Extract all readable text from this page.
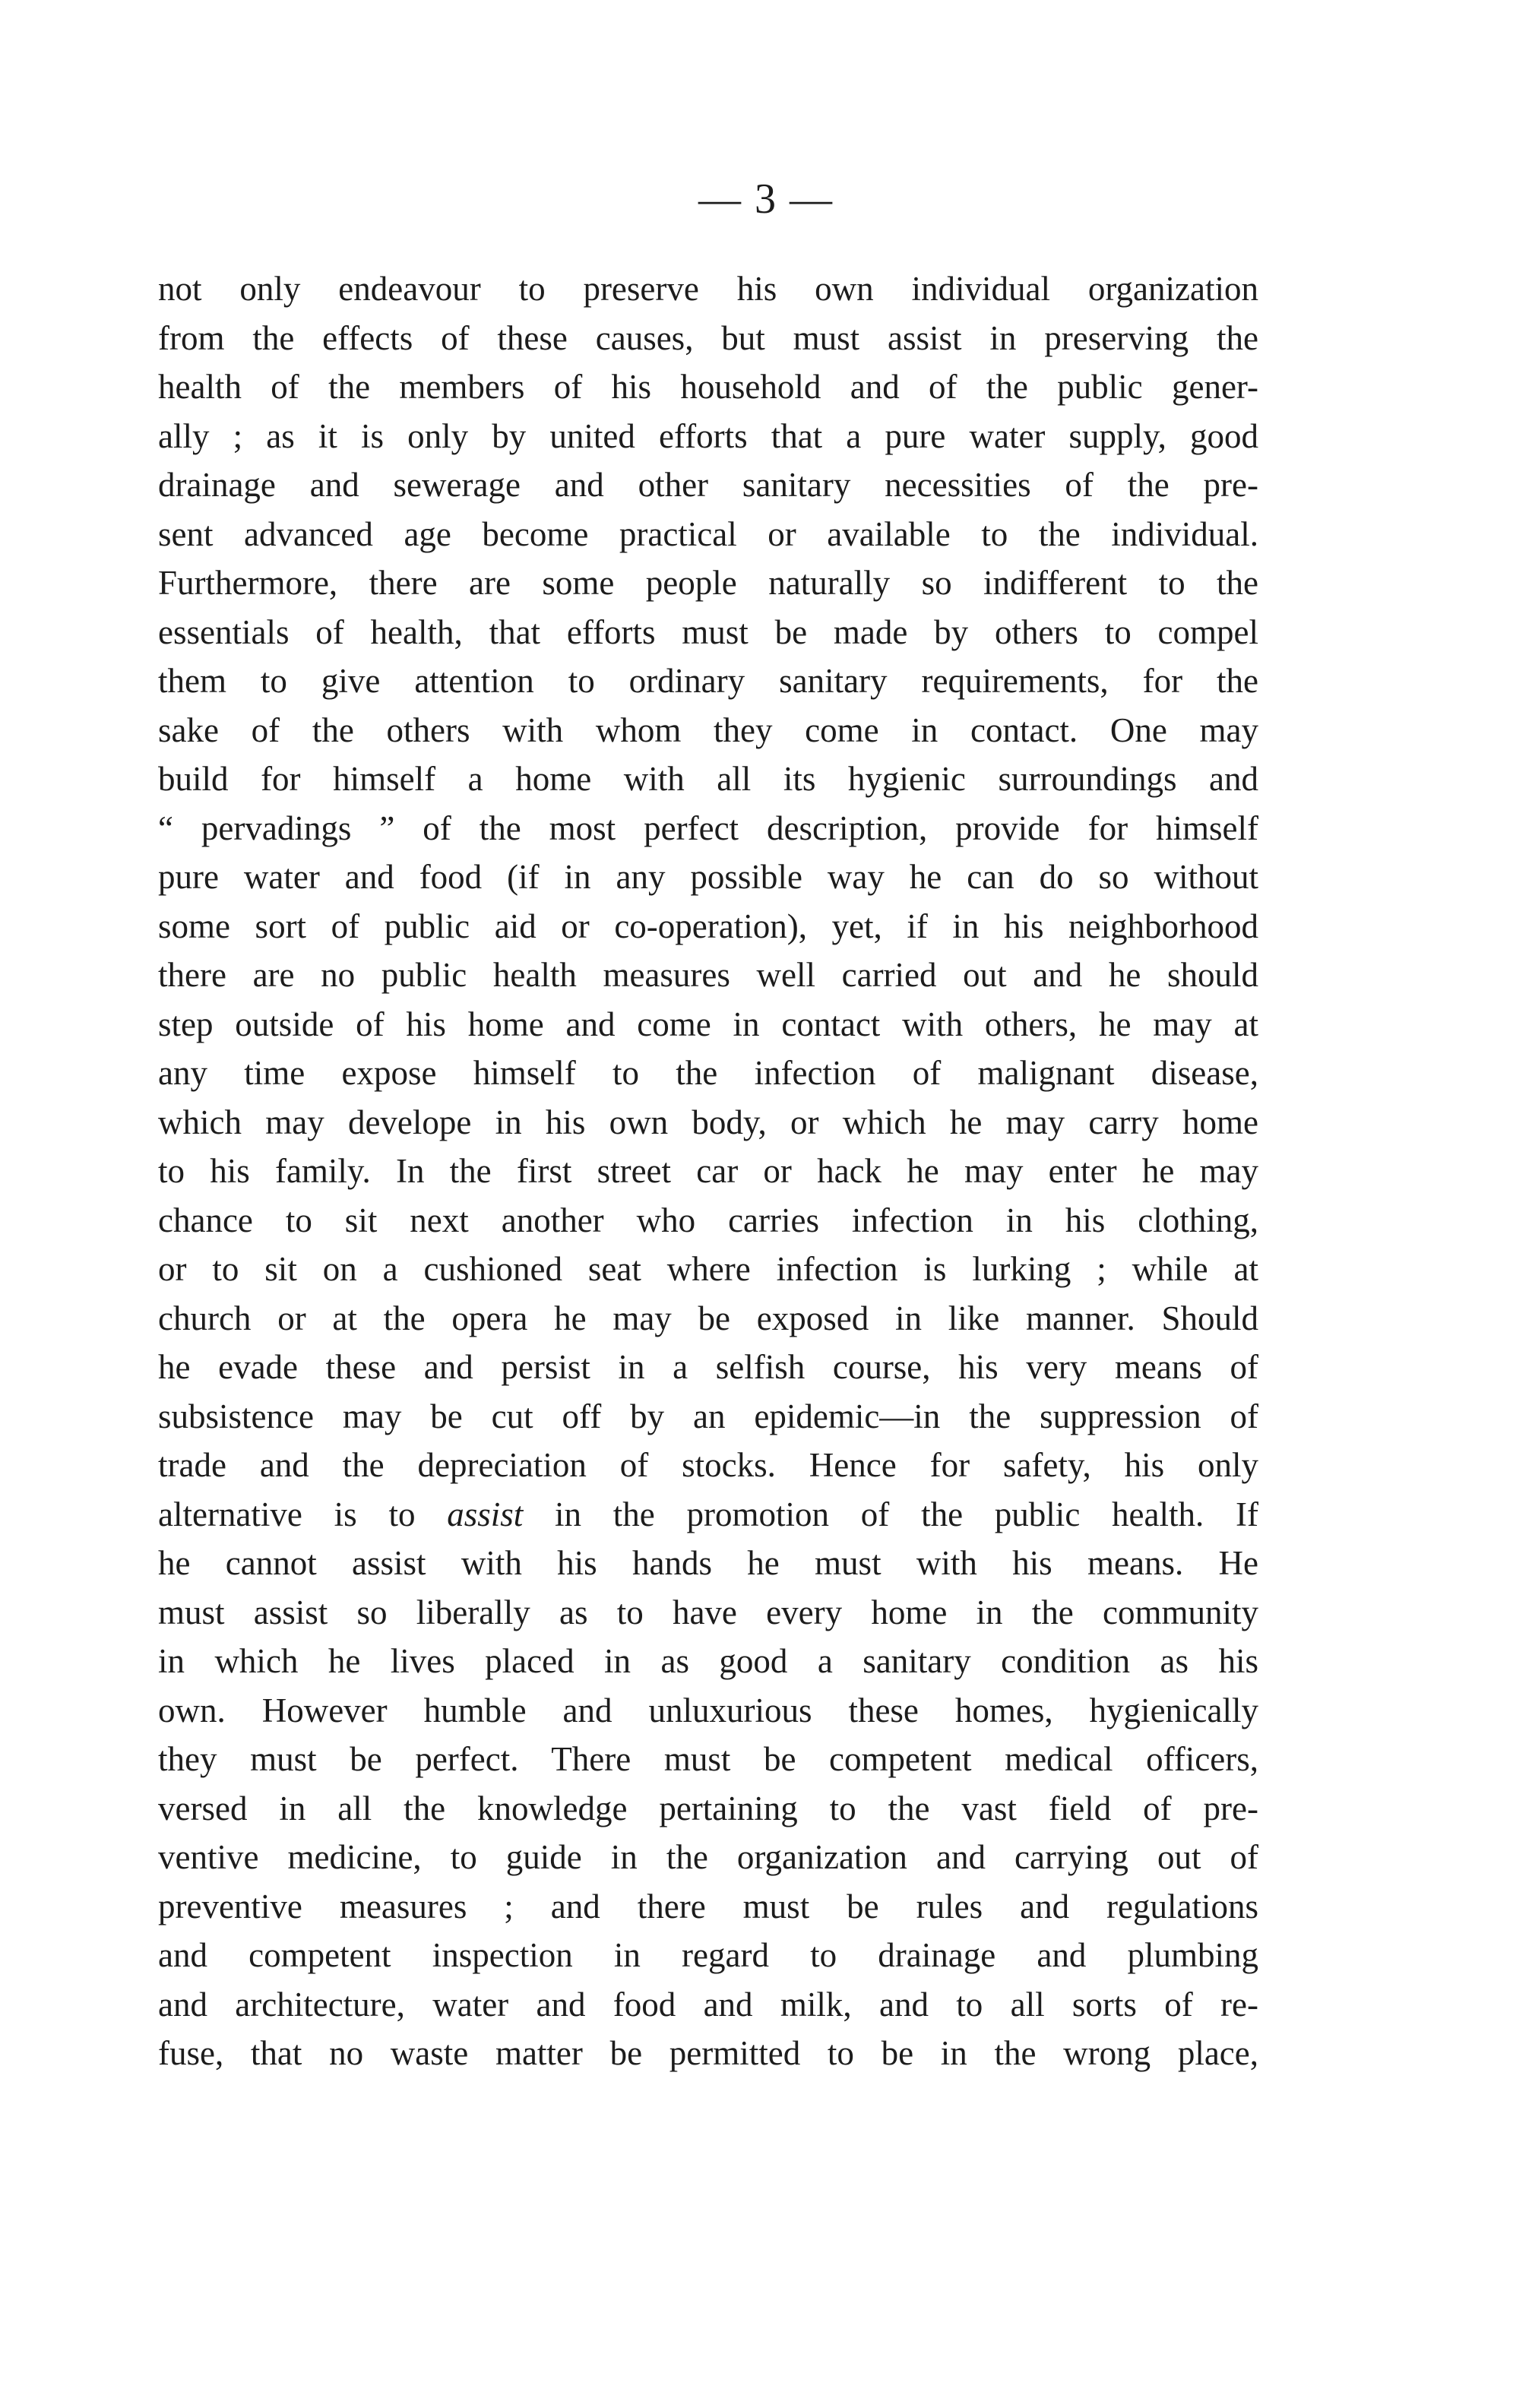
— 3 —
not only endeavour to preserve his own individual organization
from the effects of these causes, but must assist in preserving the
health of the members of his household and of the public gener-
ally ; as it is only by united efforts that a pure water supply, good
drainage and sewerage and other sanitary necessities of the pre-
sent advanced age become practical or available to the individual.
Furthermore, there are some people naturally so indifferent to the
essentials of health, that efforts must be made by others to compel
them to give attention to ordinary sanitary requirements, for the
sake of the others with whom they come in contact. One may
build for himself a home with all its hygienic surroundings and
“ pervadings ” of the most perfect description, provide for himself
pure water and food (if in any possible way he can do so without
some sort of public aid or co-operation), yet, if in his neighborhood
there are no public health measures well carried out and he should
step outside of his home and come in contact with others, he may at
any time expose himself to the infection of malignant disease,
which may develope in his own body, or which he may carry home
to his family. In the first street car or hack he may enter he may
chance to sit next another who carries infection in his clothing,
or to sit on a cushioned seat where infection is lurking ; while at
church or at the opera he may be exposed in like manner. Should
he evade these and persist in a selfish course, his very means of
subsistence may be cut off by an epidemic—in the suppression of
trade and the depreciation of stocks. Hence for safety, his only
alternative is to assist in the promotion of the public health. If
he cannot assist with his hands he must with his means. He
must assist so liberally as to have every home in the community
in which he lives placed in as good a sanitary condition as his
own. However humble and unluxurious these homes, hygienically
they must be perfect. There must be competent medical officers,
versed in all the knowledge pertaining to the vast field of pre-
ventive medicine, to guide in the organization and carrying out of
preventive measures ; and there must be rules and regulations
and competent inspection in regard to drainage and plumbing
and architecture, water and food and milk, and to all sorts of re-
fuse, that no waste matter be permitted to be in the wrong place,
